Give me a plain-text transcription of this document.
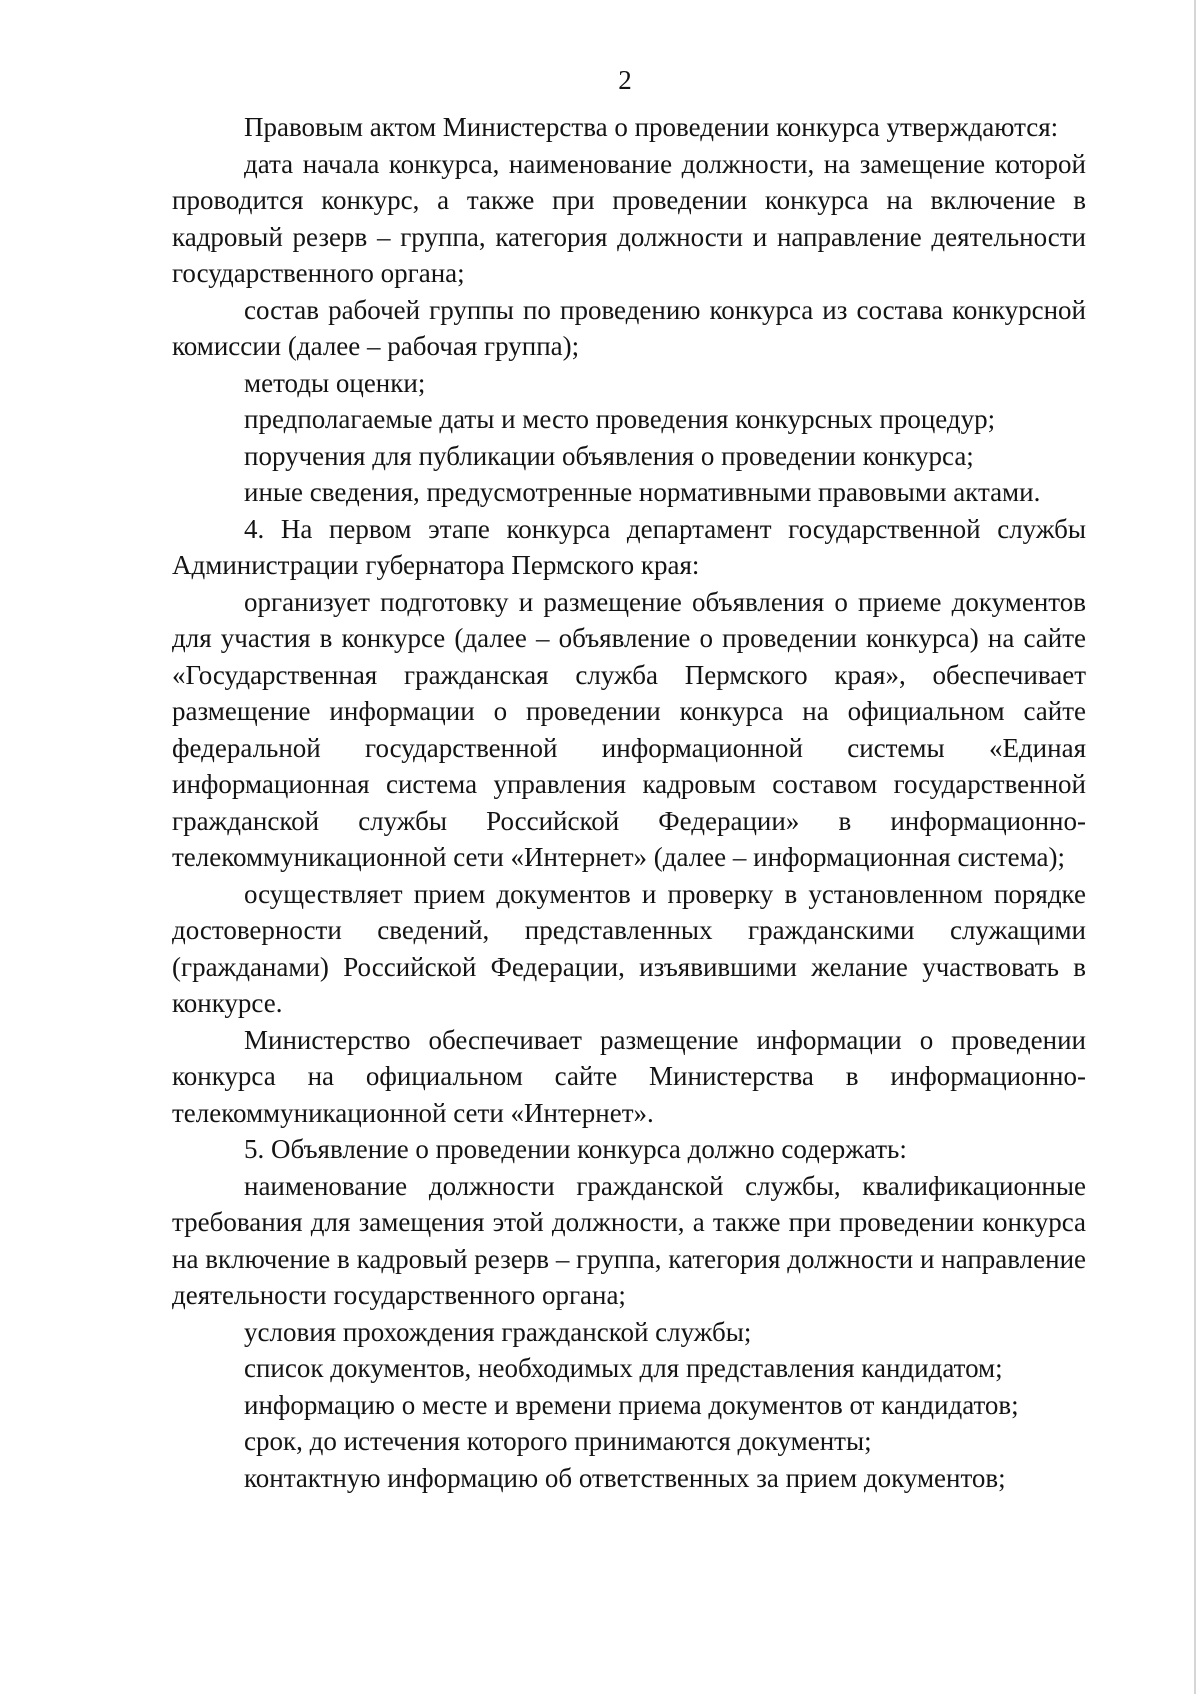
2

Правовым актом Министерства о проведении конкурса утверждаются:

дата начала конкурса, наименование должности, на замещение которой проводится конкурс, а также при проведении конкурса на включение в кадровый резерв – группа, категория должности и направление деятельности государственного органа;

состав рабочей группы по проведению конкурса из состава конкурсной комиссии (далее – рабочая группа);

методы оценки;

предполагаемые даты и место проведения конкурсных процедур;

поручения для публикации объявления о проведении конкурса;

иные сведения, предусмотренные нормативными правовыми актами.

4. На первом этапе конкурса департамент государственной службы Администрации губернатора Пермского края:

организует подготовку и размещение объявления о приеме документов для участия в конкурсе (далее – объявление о проведении конкурса) на сайте «Государственная гражданская служба Пермского края», обеспечивает размещение информации о проведении конкурса на официальном сайте федеральной государственной информационной системы «Единая информационная система управления кадровым составом государственной гражданской службы Российской Федерации» в информационно-телекоммуникационной сети «Интернет» (далее – информационная система);

осуществляет прием документов и проверку в установленном порядке достоверности сведений, представленных гражданскими служащими (гражданами) Российской Федерации, изъявившими желание участвовать в конкурсе.

Министерство обеспечивает размещение информации о проведении конкурса на официальном сайте Министерства в информационно-телекоммуникационной сети «Интернет».

5. Объявление о проведении конкурса должно содержать:

наименование должности гражданской службы, квалификационные требования для замещения этой должности, а также при проведении конкурса на включение в кадровый резерв – группа, категория должности и направление деятельности государственного органа;

условия прохождения гражданской службы;

список документов, необходимых для представления кандидатом;

информацию о месте и времени приема документов от кандидатов;

срок, до истечения которого принимаются документы;

контактную информацию об ответственных за прием документов;
